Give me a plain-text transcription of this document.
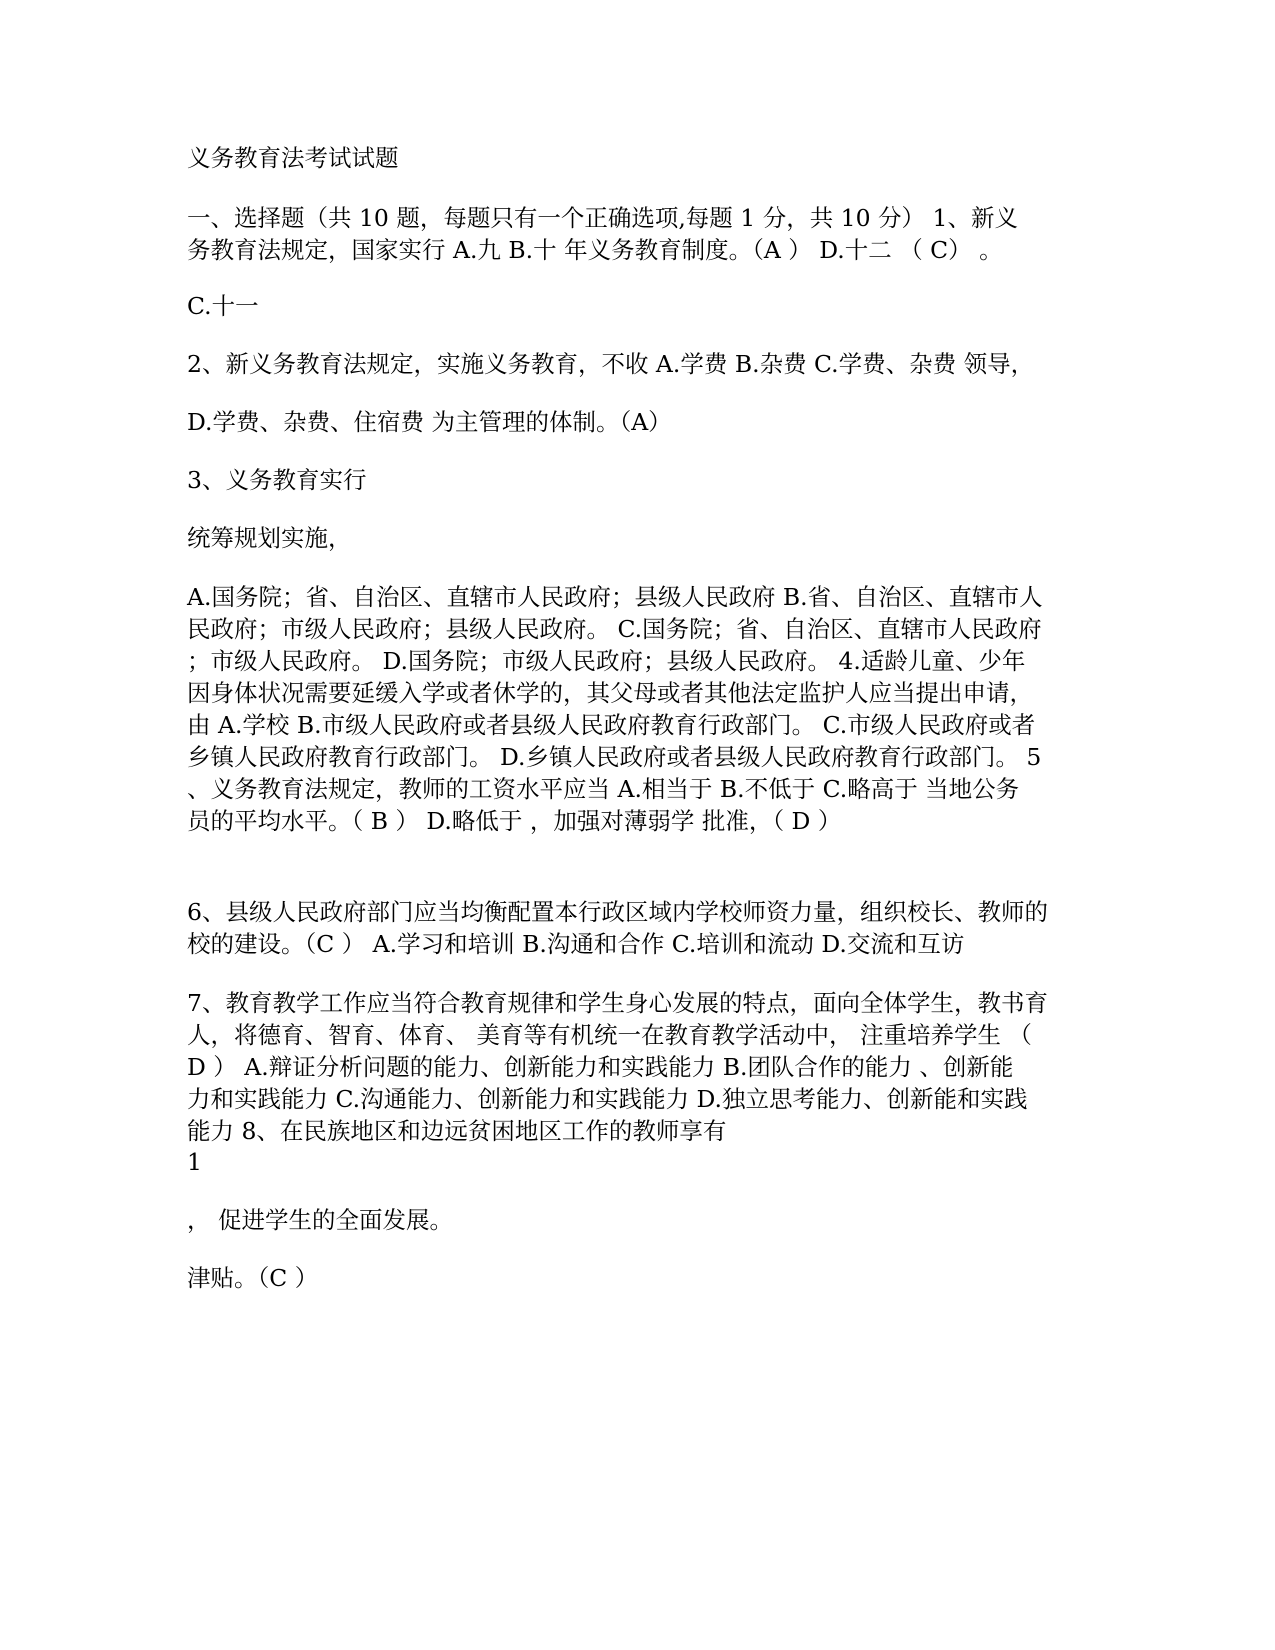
义务教育法考试试题
一、选择题（共 10 题，每题只有一个正确选项,每题 1 分，共 10 分） 1、新义
务教育法规定，国家实行 A.九 B.十 年义务教育制度。（A ） D.十二 （ C） 。
C.十一
2、新义务教育法规定，实施义务教育，不收 A.学费 B.杂费 C.学费、杂费 领导，
D.学费、杂费、住宿费 为主管理的体制。（A）
3、义务教育实行
统筹规划实施，
A.国务院；省、自治区、直辖市人民政府；县级人民政府 B.省、自治区、直辖市人
民政府；市级人民政府；县级人民政府。 C.国务院；省、自治区、直辖市人民政府
；市级人民政府。 D.国务院；市级人民政府；县级人民政府。 4.适龄儿童、少年
因身体状况需要延缓入学或者休学的，其父母或者其他法定监护人应当提出申请，
由 A.学校 B.市级人民政府或者县级人民政府教育行政部门。 C.市级人民政府或者
乡镇人民政府教育行政部门。 D.乡镇人民政府或者县级人民政府教育行政部门。 5
、义务教育法规定，教师的工资水平应当 A.相当于 B.不低于 C.略高于 当地公务
员的平均水平。（ B ） D.略低于 ，加强对薄弱学 批准，（ D ）
6、县级人民政府部门应当均衡配置本行政区域内学校师资力量，组织校长、教师的
校的建设。（C ） A.学习和培训 B.沟通和合作 C.培训和流动 D.交流和互访
7、教育教学工作应当符合教育规律和学生身心发展的特点，面向全体学生，教书育
人，将德育、智育、体育、 美育等有机统一在教育教学活动中， 注重培养学生 （
D ） A.辩证分析问题的能力、创新能力和实践能力 B.团队合作的能力 、创新能
力和实践能力 C.沟通能力、创新能力和实践能力 D.独立思考能力、创新能和实践
能力 8、在民族地区和边远贫困地区工作的教师享有
1
， 促进学生的全面发展。
津贴。（C ）
